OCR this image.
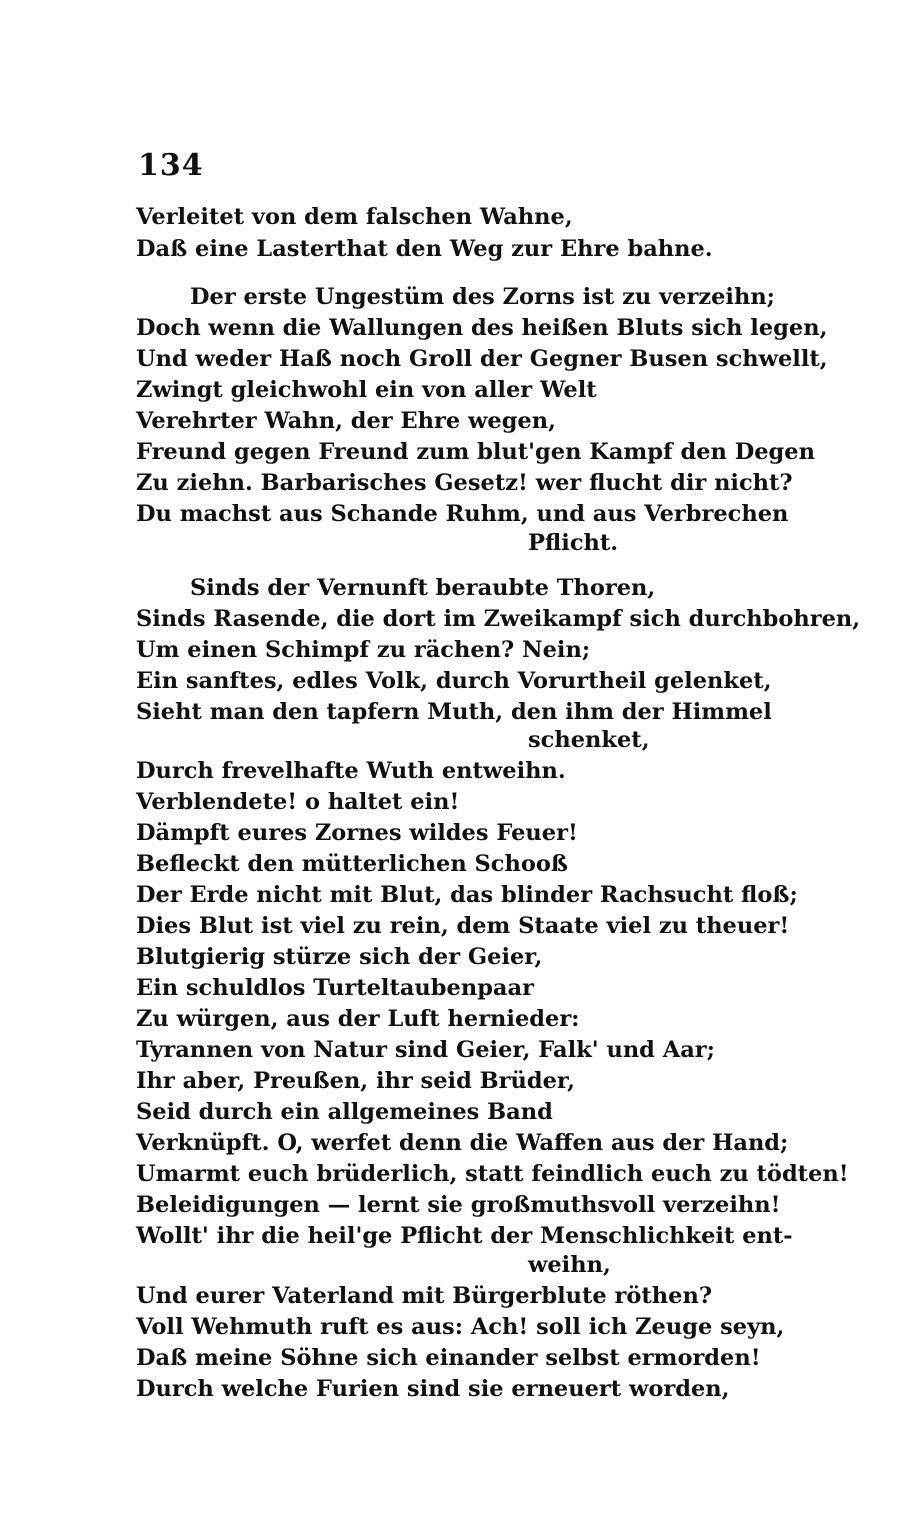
134
Verleitet von dem falschen Wahne,
Daß eine Lasterthat den Weg zur Ehre bahne.
Der erste Ungestüm des Zorns ist zu verzeihn;
Doch wenn die Wallungen des heißen Bluts sich legen,
Und weder Haß noch Groll der Gegner Busen schwellt,
Zwingt gleichwohl ein von aller Welt
Verehrter Wahn, der Ehre wegen,
Freund gegen Freund zum blut'gen Kampf den Degen
Zu ziehn. Barbarisches Gesetz! wer flucht dir nicht?
Du machst aus Schande Ruhm, und aus Verbrechen
Pflicht.
Sinds der Vernunft beraubte Thoren,
Sinds Rasende, die dort im Zweikampf sich durchbohren,
Um einen Schimpf zu rächen? Nein;
Ein sanftes, edles Volk, durch Vorurtheil gelenket,
Sieht man den tapfern Muth, den ihm der Himmel
schenket,
Durch frevelhafte Wuth entweihn.
Verblendete! o haltet ein!
Dämpft eures Zornes wildes Feuer!
Befleckt den mütterlichen Schooß
Der Erde nicht mit Blut, das blinder Rachsucht floß;
Dies Blut ist viel zu rein, dem Staate viel zu theuer!
Blutgierig stürze sich der Geier,
Ein schuldlos Turteltaubenpaar
Zu würgen, aus der Luft hernieder:
Tyrannen von Natur sind Geier, Falk' und Aar;
Ihr aber, Preußen, ihr seid Brüder,
Seid durch ein allgemeines Band
Verknüpft. O, werfet denn die Waffen aus der Hand;
Umarmt euch brüderlich, statt feindlich euch zu tödten!
Beleidigungen — lernt sie großmuthsvoll verzeihn!
Wollt' ihr die heil'ge Pflicht der Menschlichkeit ent-
weihn,
Und eurer Vaterland mit Bürgerblute röthen?
Voll Wehmuth ruft es aus: Ach! soll ich Zeuge seyn,
Daß meine Söhne sich einander selbst ermorden!
Durch welche Furien sind sie erneuert worden,
